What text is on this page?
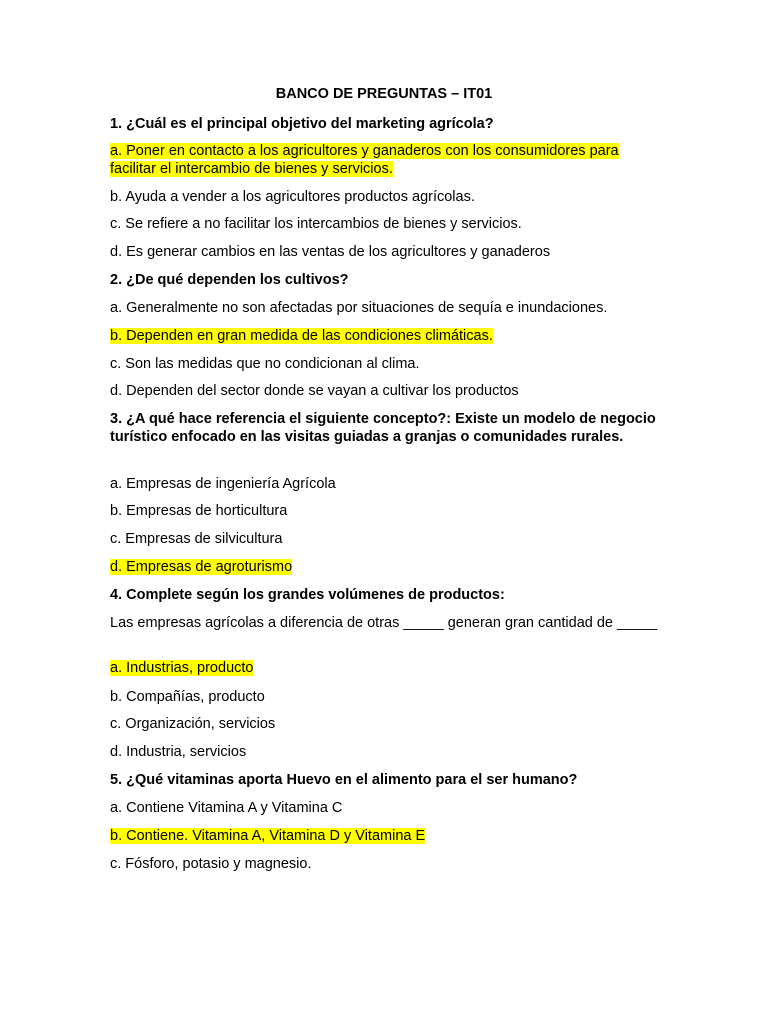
BANCO DE PREGUNTAS – IT01

1. ¿Cuál es el principal objetivo del marketing agrícola?

a. Poner en contacto a los agricultores y ganaderos con los consumidores para facilitar el intercambio de bienes y servicios.

b. Ayuda a vender a los agricultores productos agrícolas.

c. Se refiere a no facilitar los intercambios de bienes y servicios.

d. Es generar cambios en las ventas de los agricultores y ganaderos

2. ¿De qué dependen los cultivos?

a. Generalmente no son afectadas por situaciones de sequía e inundaciones.

b. Dependen en gran medida de las condiciones climáticas.

c. Son las medidas que no condicionan al clima.

d. Dependen del sector donde se vayan a cultivar los productos

3. ¿A qué hace referencia el siguiente concepto?: Existe un modelo de negocio turístico enfocado en las visitas guiadas a granjas o comunidades rurales.

a. Empresas de ingeniería Agrícola

b. Empresas de horticultura

c. Empresas de silvicultura

d. Empresas de agroturismo

4. Complete según los grandes volúmenes de productos:

Las empresas agrícolas a diferencia de otras _____ generan gran cantidad de _____

a. Industrias, producto

b. Compañías, producto

c. Organización, servicios

d. Industria, servicios

5. ¿Qué vitaminas aporta Huevo en el alimento para el ser humano?

a. Contiene Vitamina A y Vitamina C

b. Contiene. Vitamina A, Vitamina D y Vitamina E

c. Fósforo, potasio y magnesio.
